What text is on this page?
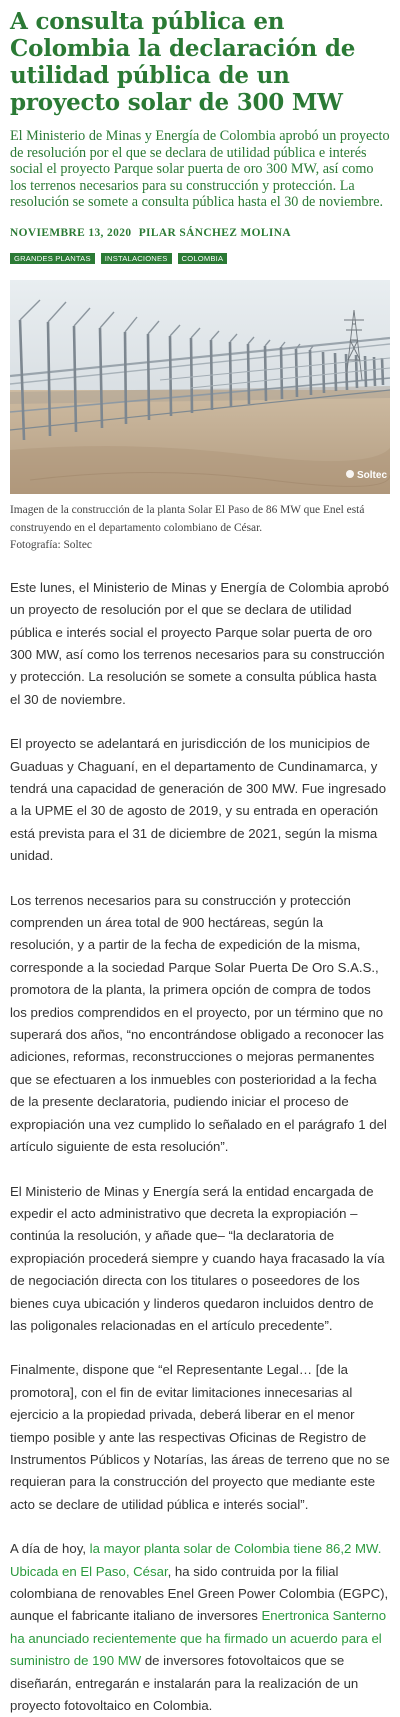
A consulta pública en Colombia la declaración de utilidad pública de un proyecto solar de 300 MW

El Ministerio de Minas y Energía de Colombia aprobó un proyecto de resolución por el que se declara de utilidad pública e interés social el proyecto Parque solar puerta de oro 300 MW, así como los terrenos necesarios para su construcción y protección. La resolución se somete a consulta pública hasta el 30 de noviembre.

NOVIEMBRE 13, 2020 PILAR SÁNCHEZ MOLINA
GRANDES PLANTAS	INSTALACIONES	COLOMBIA
Soltec

Imagen de la construcción de la planta Solar El Paso de 86 MW que Enel está construyendo en el departamento colombiano de César.

Fotografía: Soltec

Este lunes, el Ministerio de Minas y Energía de Colombia aprobó un proyecto de resolución por el que se declara de utilidad pública e interés social el proyecto Parque solar puerta de oro 300 MW, así como los terrenos necesarios para su construcción y protección. La resolución se somete a consulta pública hasta el 30 de noviembre.

El proyecto se adelantará en jurisdicción de los municipios de Guaduas y Chaguaní, en el departamento de Cundinamarca, y tendrá una capacidad de generación de 300 MW. Fue ingresado a la UPME el 30 de agosto de 2019, y su entrada en operación está prevista para el 31 de diciembre de 2021, según la misma unidad.

Los terrenos necesarios para su construcción y protección comprenden un área total de 900 hectáreas, según la resolución, y a partir de la fecha de expedición de la misma, corresponde a la sociedad Parque Solar Puerta De Oro S.A.S., promotora de la planta, la primera opción de compra de todos los predios comprendidos en el proyecto, por un término que no superará dos años, “no encontrándose obligado a reconocer las adiciones, reformas, reconstrucciones o mejoras permanentes que se efectuaren a los inmuebles con posterioridad a la fecha de la presente declaratoria, pudiendo iniciar el proceso de expropiación una vez cumplido lo señalado en el parágrafo 1 del artículo siguiente de esta resolución”.

El Ministerio de Minas y Energía será la entidad encargada de expedir el acto administrativo que decreta la expropiación –continúa la resolución, y añade que– “la declaratoria de expropiación procederá siempre y cuando haya fracasado la vía de negociación directa con los titulares o poseedores de los bienes cuya ubicación y linderos quedaron incluidos dentro de las poligonales relacionadas en el artículo precedente”.

Finalmente, dispone que “el Representante Legal… [de la promotora], con el fin de evitar limitaciones innecesarias al ejercicio a la propiedad privada, deberá liberar en el menor tiempo posible y ante las respectivas Oficinas de Registro de Instrumentos Públicos y Notarías, las áreas de terreno que no se requieran para la construcción del proyecto que mediante este acto se declare de utilidad pública e interés social”.

A día de hoy, la mayor planta solar de Colombia tiene 86,2 MW. Ubicada en El Paso, César, ha sido contruida por la filial colombiana de renovables Enel Green Power Colombia (EGPC), aunque el fabricante italiano de inversores Enertronica Santerno ha anunciado recientemente que ha firmado un acuerdo para el suministro de 190 MW de inversores fotovoltaicos que se diseñarán, entregarán e instalarán para la realización de un proyecto fotovoltaico en Colombia.
